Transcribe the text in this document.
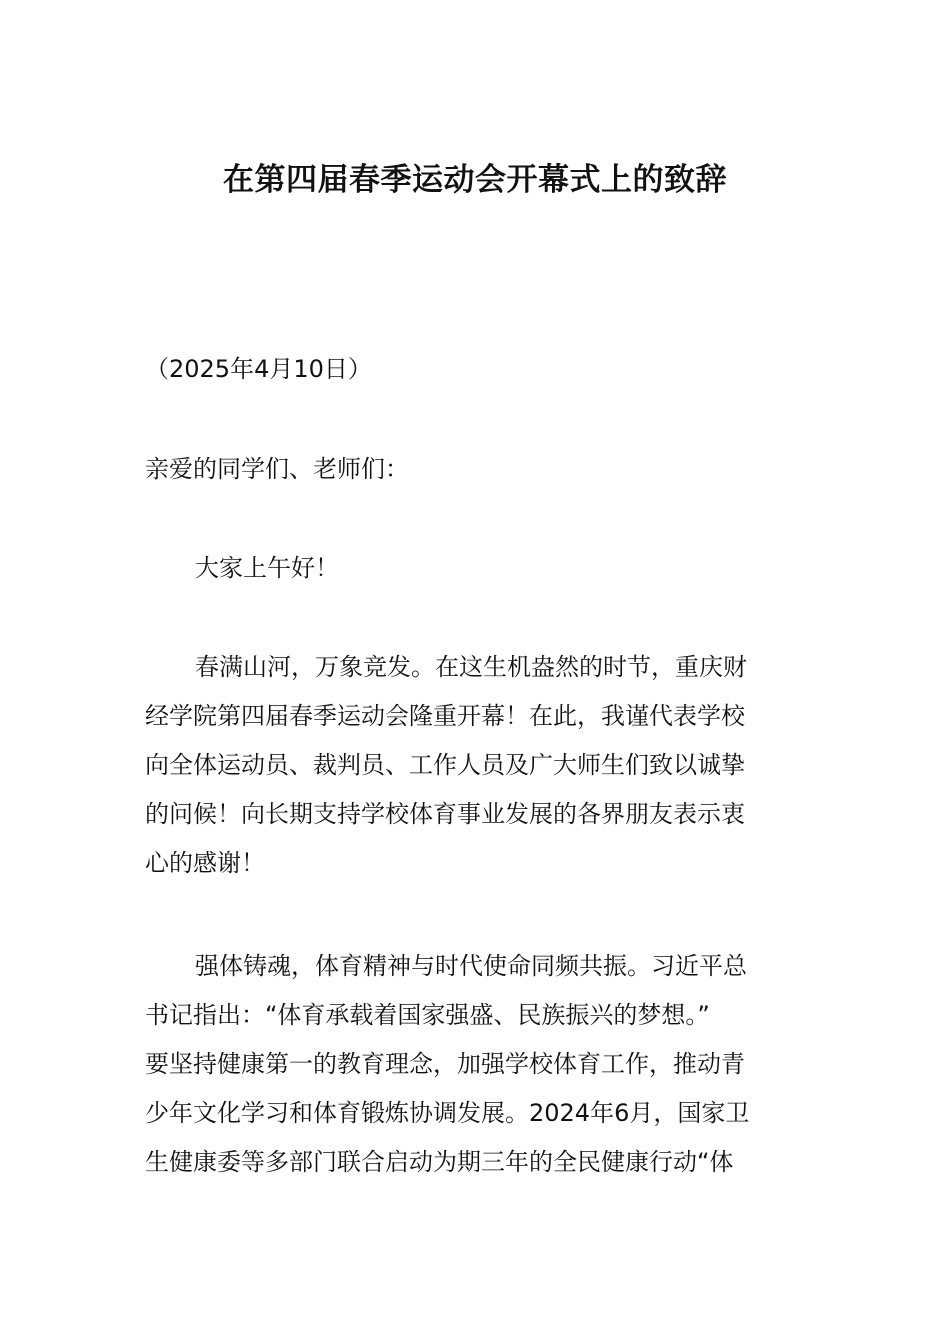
在第四届春季运动会开幕式上的致辞
（2025年4月10日）
亲爱的同学们、老师们：
大家上午好！
春满山河，万象竞发。在这生机盎然的时节，重庆财
经学院第四届春季运动会隆重开幕！在此，我谨代表学校
向全体运动员、裁判员、工作人员及广大师生们致以诚挚
的问候！向长期支持学校体育事业发展的各界朋友表示衷
心的感谢！
强体铸魂，体育精神与时代使命同频共振。习近平总
书记指出：“体育承载着国家强盛、民族振兴的梦想。”
要坚持健康第一的教育理念，加强学校体育工作，推动青
少年文化学习和体育锻炼协调发展。2024年6月，国家卫
生健康委等多部门联合启动为期三年的全民健康行动“体
